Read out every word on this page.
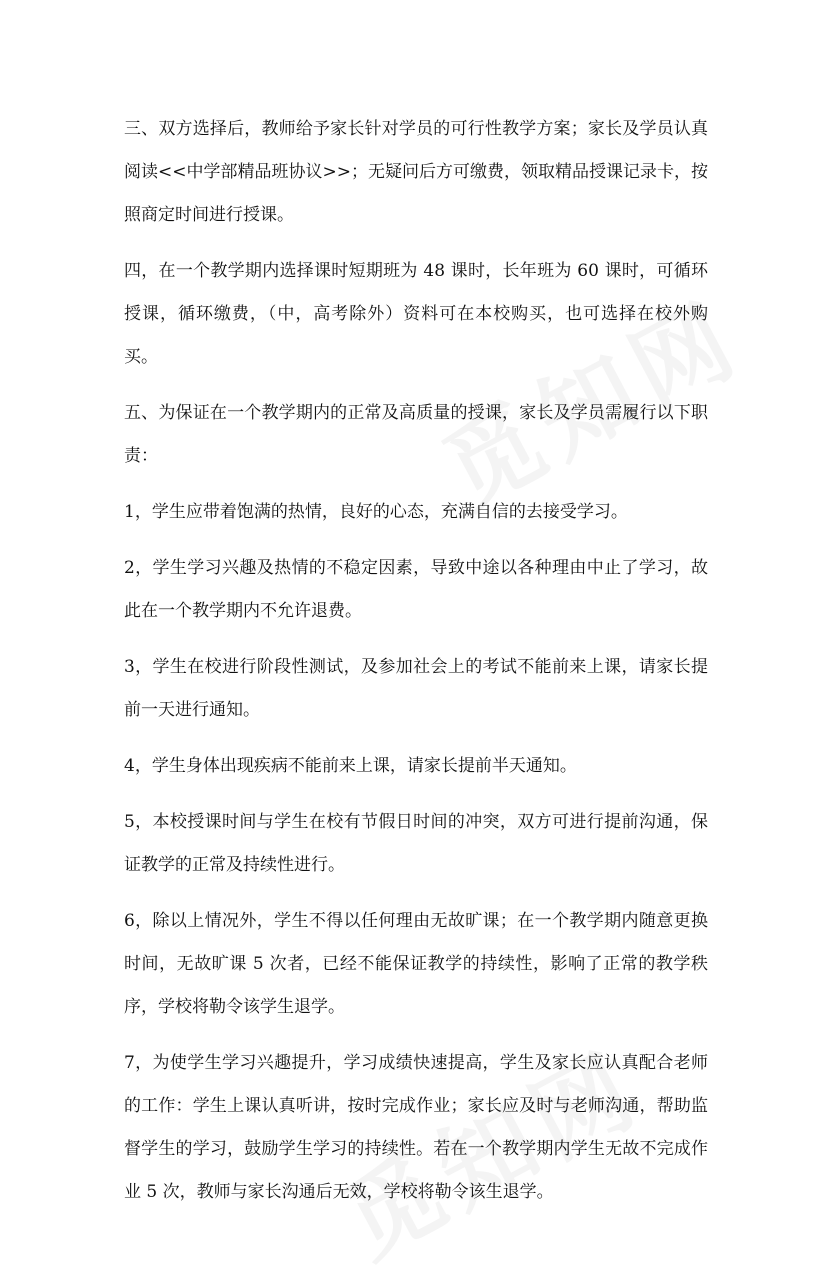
三、双方选择后，教师给予家长针对学员的可行性教学方案；家长及学员认真阅读<<中学部精品班协议>>；无疑问后方可缴费，领取精品授课记录卡，按照商定时间进行授课。

四，在一个教学期内选择课时短期班为 48 课时，长年班为 60 课时，可循环授课，循环缴费，（中，高考除外）资料可在本校购买，也可选择在校外购买。

五、为保证在一个教学期内的正常及高质量的授课，家长及学员需履行以下职责：

1，学生应带着饱满的热情，良好的心态，充满自信的去接受学习。

2，学生学习兴趣及热情的不稳定因素，导致中途以各种理由中止了学习，故此在一个教学期内不允许退费。

3，学生在校进行阶段性测试，及参加社会上的考试不能前来上课，请家长提前一天进行通知。

4，学生身体出现疾病不能前来上课，请家长提前半天通知。

5，本校授课时间与学生在校有节假日时间的冲突，双方可进行提前沟通，保证教学的正常及持续性进行。

6，除以上情况外，学生不得以任何理由无故旷课；在一个教学期内随意更换时间，无故旷课 5 次者，已经不能保证教学的持续性，影响了正常的教学秩序，学校将勒令该学生退学。

7，为使学生学习兴趣提升，学习成绩快速提高，学生及家长应认真配合老师的工作：学生上课认真听讲，按时完成作业；家长应及时与老师沟通，帮助监督学生的学习，鼓励学生学习的持续性。若在一个教学期内学生无故不完成作业 5 次，教师与家长沟通后无效，学校将勒令该生退学。
